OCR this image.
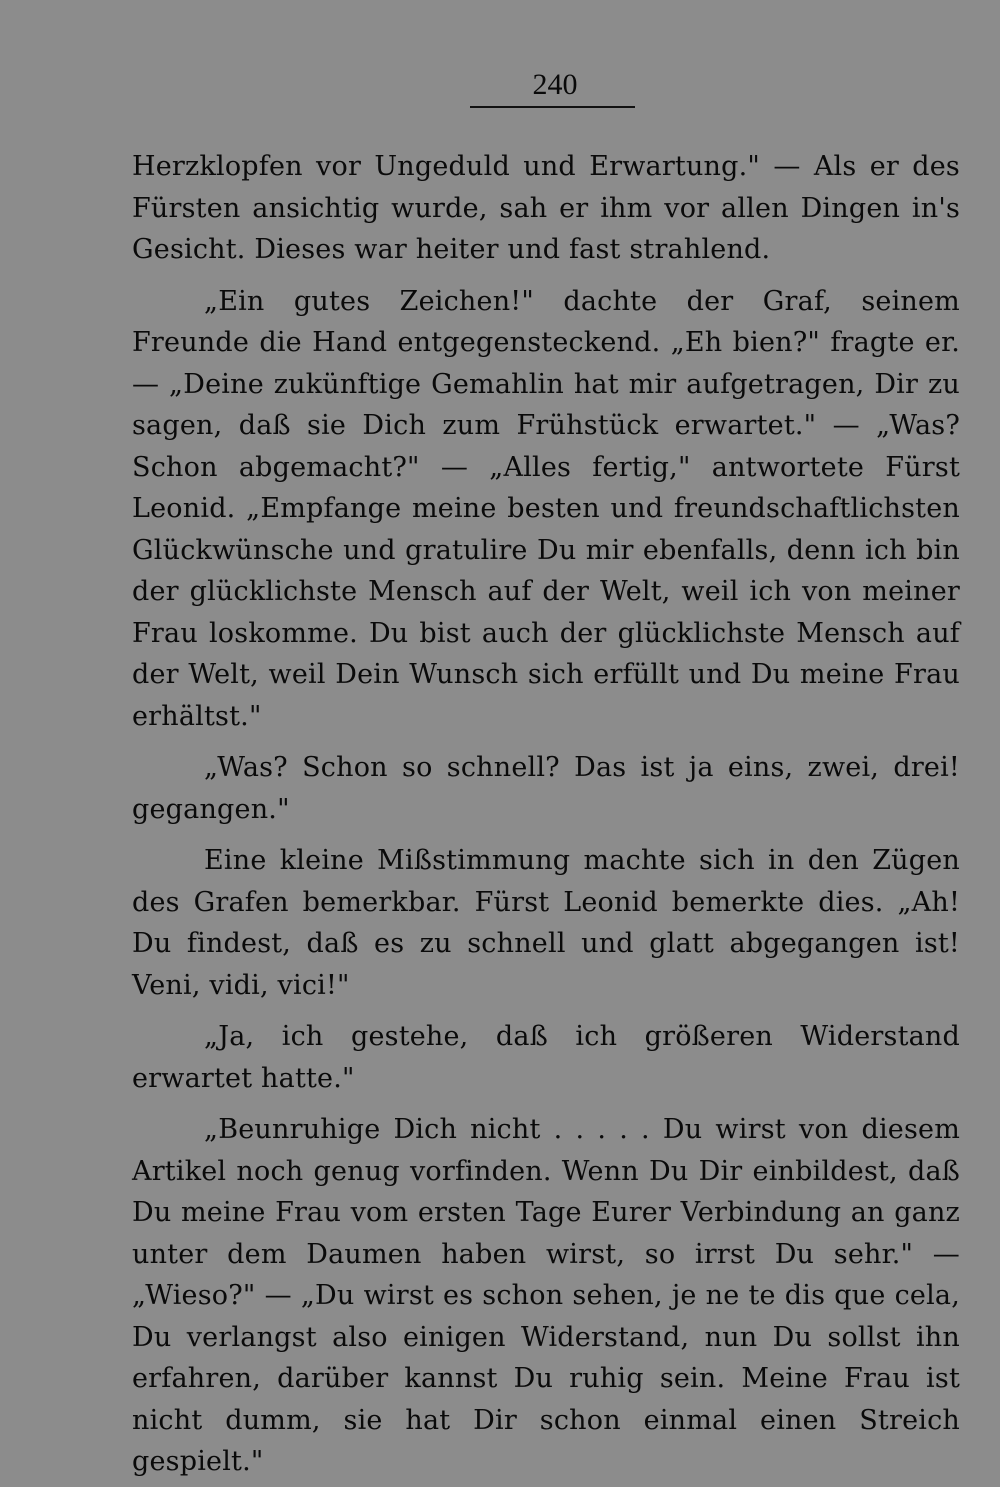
240

Herzklopfen vor Ungeduld und Erwartung." — Als er des Fürsten ansichtig wurde, sah er ihm vor allen Dingen in's Gesicht. Dieses war heiter und fast strahlend.

„Ein gutes Zeichen!" dachte der Graf, seinem Freunde die Hand entgegensteckend. „Eh bien?" fragte er. — „Deine zukünftige Gemahlin hat mir aufgetragen, Dir zu sagen, daß sie Dich zum Frühstück erwartet." — „Was? Schon abgemacht?" — „Alles fertig," antwortete Fürst Leonid. „Empfange meine besten und freundschaftlichsten Glückwünsche und gratulire Du mir ebenfalls, denn ich bin der glücklichste Mensch auf der Welt, weil ich von meiner Frau loskomme. Du bist auch der glücklichste Mensch auf der Welt, weil Dein Wunsch sich erfüllt und Du meine Frau erhältst."

„Was? Schon so schnell? Das ist ja eins, zwei, drei! gegangen."

Eine kleine Mißstimmung machte sich in den Zügen des Grafen bemerkbar. Fürst Leonid bemerkte dies. „Ah! Du findest, daß es zu schnell und glatt abgegangen ist! Veni, vidi, vici!"

„Ja, ich gestehe, daß ich größeren Widerstand erwartet hatte."

„Beunruhige Dich nicht . . . . . Du wirst von diesem Artikel noch genug vorfinden. Wenn Du Dir einbildest, daß Du meine Frau vom ersten Tage Eurer Verbindung an ganz unter dem Daumen haben wirst, so irrst Du sehr." — „Wieso?" — „Du wirst es schon sehen, je ne te dis que cela, Du verlangst also einigen Widerstand, nun Du sollst ihn erfahren, darüber kannst Du ruhig sein. Meine Frau ist nicht dumm, sie hat Dir schon einmal einen Streich gespielt."
